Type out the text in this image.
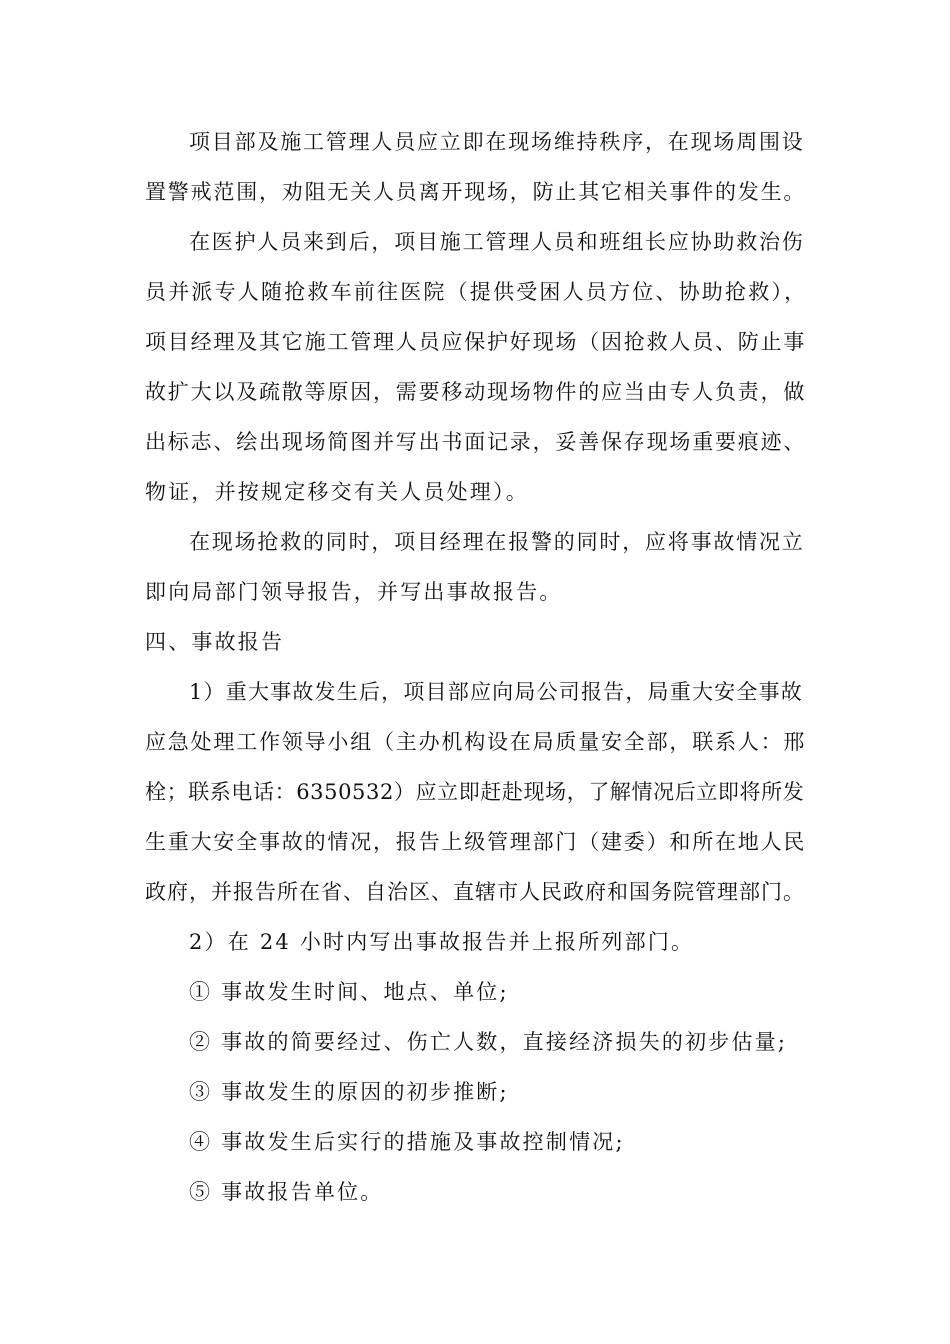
项目部及施工管理人员应立即在现场维持秩序，在现场周围设
置警戒范围，劝阻无关人员离开现场，防止其它相关事件的发生。
在医护人员来到后，项目施工管理人员和班组长应协助救治伤
员并派专人随抢救车前往医院（提供受困人员方位、协助抢救），
项目经理及其它施工管理人员应保护好现场（因抢救人员、防止事
故扩大以及疏散等原因，需要移动现场物件的应当由专人负责，做
出标志、绘出现场简图并写出书面记录，妥善保存现场重要痕迹、
物证，并按规定移交有关人员处理）。
在现场抢救的同时，项目经理在报警的同时，应将事故情况立
即向局部门领导报告，并写出事故报告。
四、事故报告
1）重大事故发生后，项目部应向局公司报告，局重大安全事故
应急处理工作领导小组（主办机构设在局质量安全部，联系人：邢
栓；联系电话：6350532）应立即赶赴现场，了解情况后立即将所发
生重大安全事故的情况，报告上级管理部门（建委）和所在地人民
政府，并报告所在省、自治区、直辖市人民政府和国务院管理部门。
2）在 24 小时内写出事故报告并上报所列部门。
① 事故发生时间、地点、单位;
② 事故的简要经过、伤亡人数，直接经济损失的初步估量;
③ 事故发生的原因的初步推断;
④ 事故发生后实行的措施及事故控制情况;
⑤ 事故报告单位。
